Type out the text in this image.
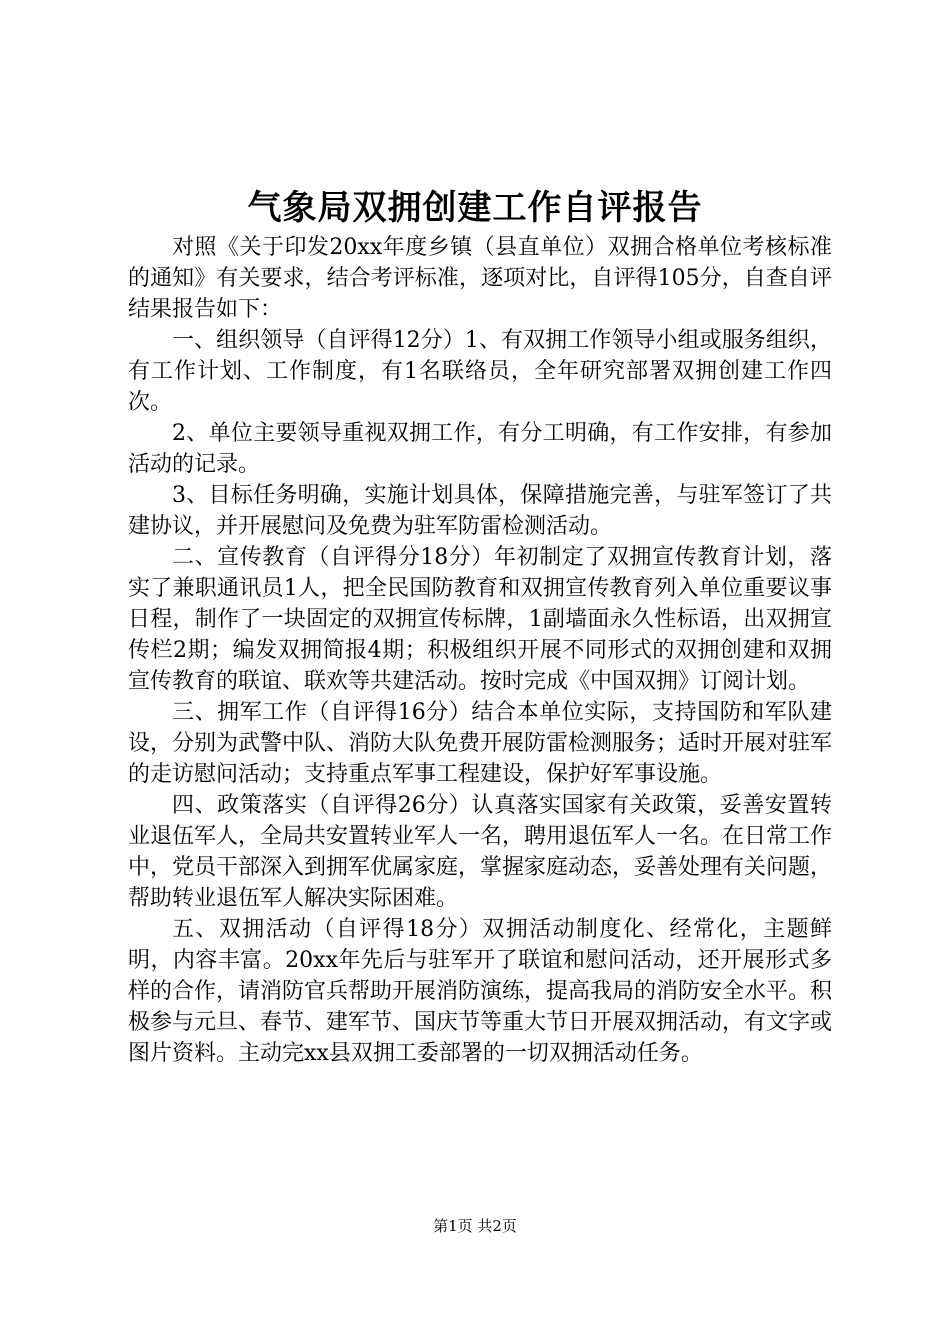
气象局双拥创建工作自评报告

对照《关于印发20xx年度乡镇（县直单位）双拥合格单位考核标准的通知》有关要求，结合考评标准，逐项对比，自评得105分，自查自评结果报告如下：

一、组织领导（自评得12分）1、有双拥工作领导小组或服务组织，有工作计划、工作制度，有1名联络员，全年研究部署双拥创建工作四次。

2、单位主要领导重视双拥工作，有分工明确，有工作安排，有参加活动的记录。

3、目标任务明确，实施计划具体，保障措施完善，与驻军签订了共建协议，并开展慰问及免费为驻军防雷检测活动。

二、宣传教育（自评得分18分）年初制定了双拥宣传教育计划，落实了兼职通讯员1人，把全民国防教育和双拥宣传教育列入单位重要议事日程，制作了一块固定的双拥宣传标牌，1副墙面永久性标语，出双拥宣传栏2期；编发双拥简报4期；积极组织开展不同形式的双拥创建和双拥宣传教育的联谊、联欢等共建活动。按时完成《中国双拥》订阅计划。

三、拥军工作（自评得16分）结合本单位实际，支持国防和军队建设，分别为武警中队、消防大队免费开展防雷检测服务；适时开展对驻军的走访慰问活动；支持重点军事工程建设，保护好军事设施。

四、政策落实（自评得26分）认真落实国家有关政策，妥善安置转业退伍军人，全局共安置转业军人一名，聘用退伍军人一名。在日常工作中，党员干部深入到拥军优属家庭，掌握家庭动态，妥善处理有关问题，帮助转业退伍军人解决实际困难。

五、双拥活动（自评得18分）双拥活动制度化、经常化，主题鲜明，内容丰富。20xx年先后与驻军开了联谊和慰问活动，还开展形式多样的合作，请消防官兵帮助开展消防演练，提高我局的消防安全水平。积极参与元旦、春节、建军节、国庆节等重大节日开展双拥活动，有文字或图片资料。主动完xx县双拥工委部署的一切双拥活动任务。

第1页 共2页
